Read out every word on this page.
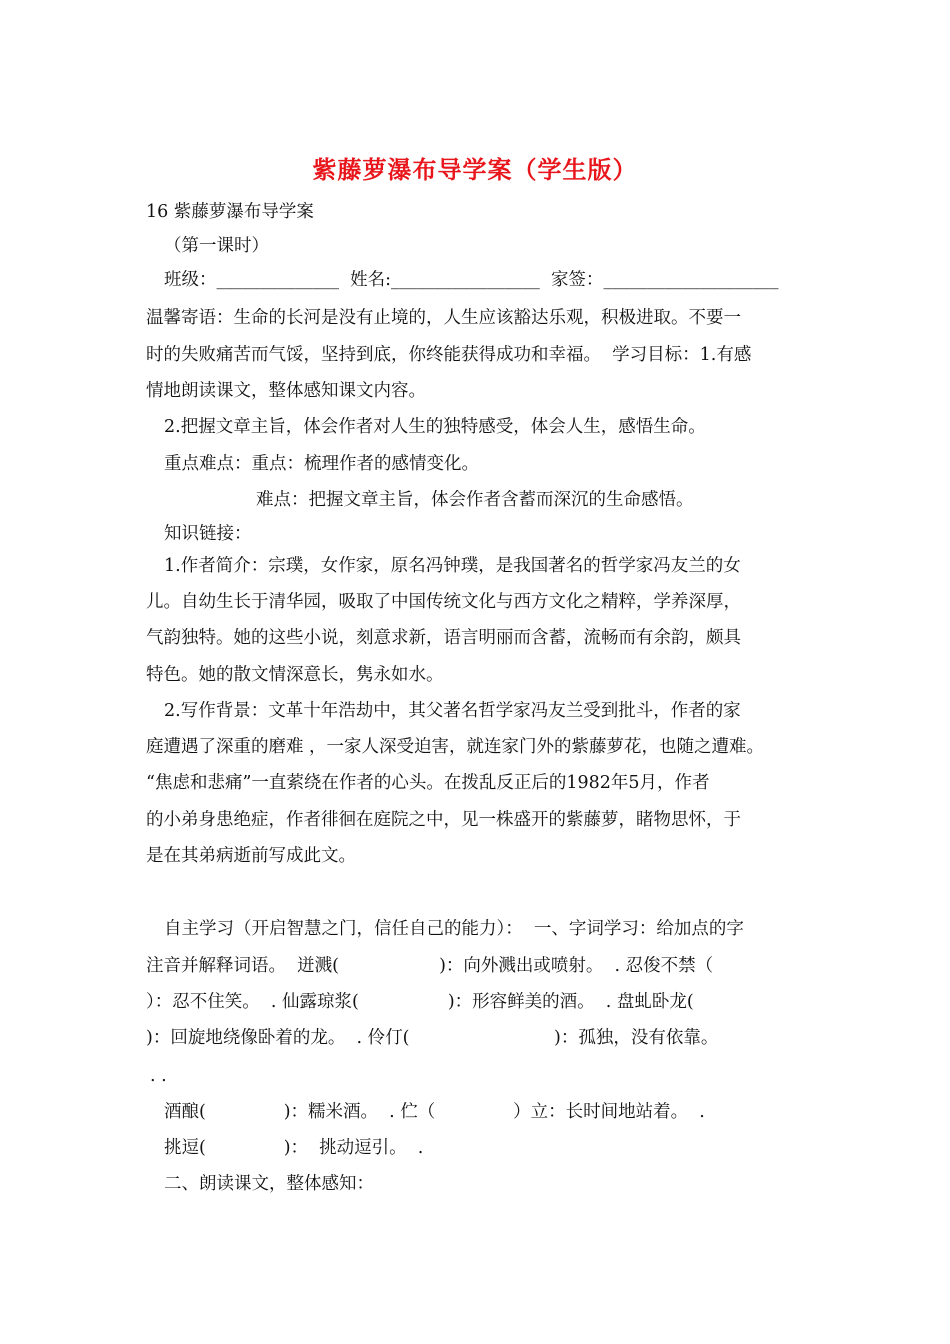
紫藤萝瀑布导学案（学生版）
16 紫藤萝瀑布导学案
（第一课时）
班级：______________ 姓名:_________________ 家签：____________________
温馨寄语：生命的长河是没有止境的，人生应该豁达乐观，积极进取。不要一
时的失败痛苦而气馁，坚持到底，你终能获得成功和幸福。  学习目标：1.有感
情地朗读课文，整体感知课文内容。
2.把握文章主旨，体会作者对人生的独特感受，体会人生，感悟生命。
重点难点：重点：梳理作者的感情变化。
难点：把握文章主旨，体会作者含蓄而深沉的生命感悟。
知识链接：
1.作者简介：宗璞，女作家，原名冯钟璞，是我国著名的哲学家冯友兰的女
儿。自幼生长于清华园，吸取了中国传统文化与西方文化之精粹，学养深厚，
气韵独特。她的这些小说，刻意求新，语言明丽而含蓄，流畅而有余韵，颇具
特色。她的散文情深意长，隽永如水。
2.写作背景：文革十年浩劫中，其父著名哲学家冯友兰受到批斗，作者的家
庭遭遇了深重的磨难 ，一家人深受迫害，就连家门外的紫藤萝花，也随之遭难。
“焦虑和悲痛”一直萦绕在作者的心头。在拨乱反正后的1982年5月，作者
的小弟身患绝症，作者徘徊在庭院之中，见一株盛开的紫藤萝，睹物思怀，于
是在其弟病逝前写成此文。
自主学习（开启智慧之门，信任自己的能力）：  一、字词学习：给加点的字
注音并解释词语。  迸溅(                  )：向外溅出或喷射。  . 忍俊不禁（
）：忍不住笑。  . 仙露琼浆(                )：形容鲜美的酒。  . 盘虬卧龙(
)：回旋地绕像卧着的龙。  . 伶仃(                          )：孤独，没有依靠。
. .
酒酿(              )：糯米酒。  . 伫（              ）立：长时间地站着。  .
挑逗(              )：  挑动逗引。  .
二、朗读课文，整体感知：
